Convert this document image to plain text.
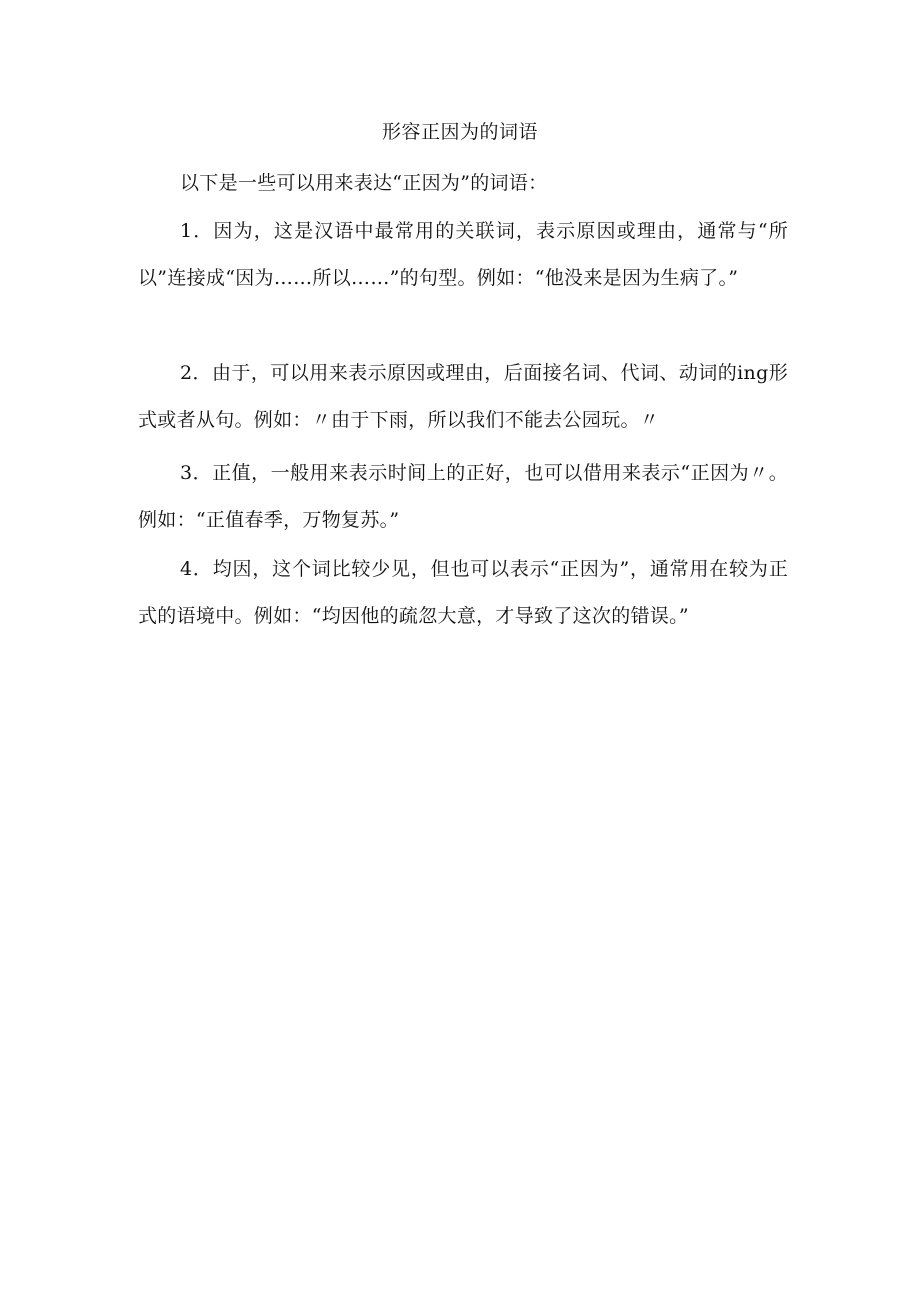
形容正因为的词语

以下是一些可以用来表达“正因为”的词语：

1．因为，这是汉语中最常用的关联词，表示原因或理由，通常与“所以”连接成“因为……所以……”的句型。例如：“他没来是因为生病了。”

2．由于，可以用来表示原因或理由，后面接名词、代词、动词的ing形式或者从句。例如：〃由于下雨，所以我们不能去公园玩。〃

3．正值，一般用来表示时间上的正好，也可以借用来表示“正因为〃。例如：“正值春季，万物复苏。”

4．均因，这个词比较少见，但也可以表示“正因为”，通常用在较为正式的语境中。例如：“均因他的疏忽大意，才导致了这次的错误。”
